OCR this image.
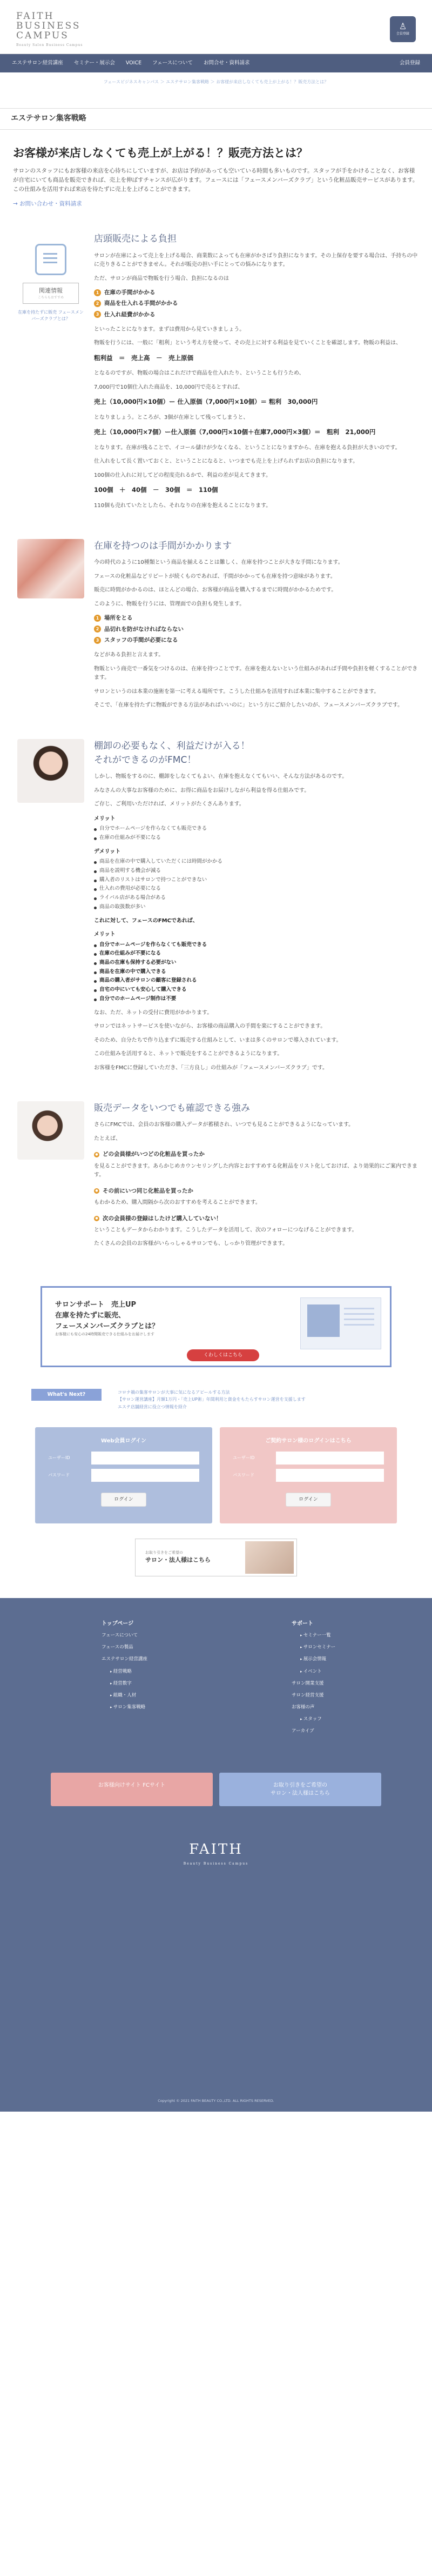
FAITH
BUSINESS
CAMPUS
Beauty Salon Business Campus
♙
会員登録
エステサロン経営講座	セミナー・展示会	VOICE	フェースについて	お問合せ・資料請求	会員登録
フェースビジネスキャンパス ＞ エステサロン集客戦略 ＞ お客様が来店しなくても売上が上がる！？販売方法とは？
エステサロン集客戦略
お客様が来店しなくても売上が上がる！？販売方法とは？

サロンのスタッフにもお客様の来店を心待ちにしていますが、お店は予約があっても空いている時間も多いものです。スタッフが手をかけることなく、お客様が自宅にいても商品を販売できれば、売上を伸ばすチャンスが広がります。フェースには「フェースメンバーズクラブ」という化粧品販売サービスがあります。この仕組みを活用すれば来店を待たずに売上を上げることができます。

→ お問い合わせ・資料請求

関連情報
こちらもおすすめ
在庫を持たずに販売 フェースメンバーズクラブとは？
店頭販売による負担

サロンが在庫によって売上を上げる場合、商業数によっても在庫がかさばり負担になります。その上保存を要する場合は、手持ちの中に売りきることができません。それが販売の担い手にとっての悩みになります。

ただ、サロンが商品で物販を行う場合、負担になるのは

1 在庫の手間がかかる
2 商品を仕入れる手間がかかる
3 仕入れ経費がかかる

といったことになります。まずは費用から見ていきましょう。

物販を行うには、一般に「粗利」という考え方を使って、その売上に対する利益を見ていくことを確認します。物販の利益は、

粗利益　＝　売上高　－　売上原価

となるのですが、物販の場合はこれだけで商品を仕入れたり、ということも行うため、

7,000円で10個仕入れた商品を、10,000円で売るとすれば、

売上（10,000円×10個）ー 仕入原価（7,000円×10個）＝ 粗利　30,000円

となりましょう。ところが、3個が在庫として残ってしまうと、

売上（10,000円×7個）ー仕入原価（7,000円×10個＋在庫7,000円×3個）＝　粗利　21,000円

となります。在庫が残ることで、イコール儲けが少なくなる、ということになりますから、在庫を抱える負担が大きいのです。

仕入れをして長く置いておくと、ということになると、いつまでも売上を上げられずお店の負担になります。

100個の仕入れに対してどの程度売れるかで、利益の差が見えてきます。

100個　＋　40個　－　30個　＝　110個

110個も売れていたとしたら、それなりの在庫を抱えることになります。

在庫を持つのは手間がかかります

今の時代のように10種類という商品を揃えることは難しく、在庫を持つことが大きな手間になります。

フェースの化粧品などリピートが続くものであれば、手間がかかっても在庫を持つ意味があります。

販売に時間がかかるのは、ほとんどの場合、お客様が商品を購入するまでに時間がかかるためです。

このように、物販を行うには、管理面での負担も発生します。

1 場所をとる
2 品切れを防がなければならない
3 スタッフの手間が必要になる

などがある負担と言えます。

物販という商売で一番気をつけるのは、在庫を持つことです。在庫を抱えないという仕組みがあれば手間や負担を軽くすることができます。

サロンというのは本業の施術を第一に考える場所です。こうした仕組みを活用すれば本業に集中することができます。

そこで、「在庫を持たずに物販ができる方法があればいいのに」という方にご紹介したいのが、フェースメンバーズクラブです。

棚卸の必要もなく、利益だけが入る！
それができるのがFMC！

しかし、物販をするのに、棚卸をしなくてもよい、在庫を抱えなくてもいい、そんな方法があるのです。

みなさんの大事なお客様のために、お得に商品をお届けしながら利益を得る仕組みです。

ご存じ、ご利用いただければ、メリットがたくさんあります。

メリット
自分でホームページを作らなくても販売できる
在庫の仕組みが不要になる
デメリット
商品を在庫の中で購入していただくには時間がかかる
商品を説明する機会が減る
購入者のリストはサロンで持つことができない
仕入れの費用が必要になる
ライバル店がある場合がある
商品の取扱数が多い
これに対して、フェースのFMCであれば、
メリット
自分でホームページを作らなくても販売できる
在庫の仕組みが不要になる
商品の在庫も保持する必要がない
商品を在庫の中で購入できる
商品の購入者がサロンの顧客に登録される
自宅の中にいても安心して購入できる
自分でのホームページ制作は不要

なお、ただ、ネットの受付に費用がかかります。

サロンではネットサービスを使いながら、お客様の商品購入の手間を楽にすることができます。

そのため、自分たちで作り込まずに販売する仕組みとして、いまは多くのサロンで導入されています。

この仕組みを活用すると、ネットで販売をすることができるようになります。

お客様をFMCに登録していただき、「三方良し」の仕組みが「フェースメンバーズクラブ」です。

販売データをいつでも確認できる強み

さらにFMCでは、会員のお客様の購入データが蓄積され、いつでも見ることができるようになっています。

たとえば、

● どの会員様がいつどの化粧品を買ったか

を見ることができます。あらかじめカウンセリングした内容とおすすめする化粧品をリスト化しておけば、より効果的にご案内できます。

● その前にいつ同じ化粧品を買ったか

もわかるため、購入間隔から次のおすすめを考えることができます。

● 次の会員様の登録はしたけど購入していない！

ということもデータからわかります。こうしたデータを活用して、次のフォローにつなげることができます。

たくさんの会員のお客様がいらっしゃるサロンでも、しっかり管理ができます。

サロンサポート　売上UP
在庫を持たずに販売、
フェースメンバーズクラブとは？
お客様にも安心の24時間販売できる仕組みをお届けします
くわしくはこちら
What's Next?	コロナ禍の集客サロンが大事に気になるアピールする方法
【サロン運営講座】月額1万円・「売上UP術」年間利用と資金をもたらすサロン運営を支援します
エステ店舗経営に役立つ情報を紹介
Web会員ログイン
ユーザーID
パスワード
ログイン
ご契約サロン様のログインはこちら
ユーザーID
パスワード
ログイン
お取り引きをご希望の
サロン・法人様はこちら
トップページ
フェースについて
フェースの製品
エステサロン経営講座
▸ 経営戦略
▸ 経営数字
▸ 組織・人材
▸ サロン集客戦略
サポート
▸ セミナー一覧
▸ サロンセミナー
▸ 展示会情報
▸ イベント
サロン開業支援
サロン経営支援
お客様の声
▸ スタッフ
アーカイブ
お客様向けサイト FCサイト	お取り引きをご希望の
サロン・法人様はこちら
FAITH
Beauty Business Campus
Copyright © 2021 FAITH BEAUTY CO.,LTD. ALL RIGHTS RESERVED.
